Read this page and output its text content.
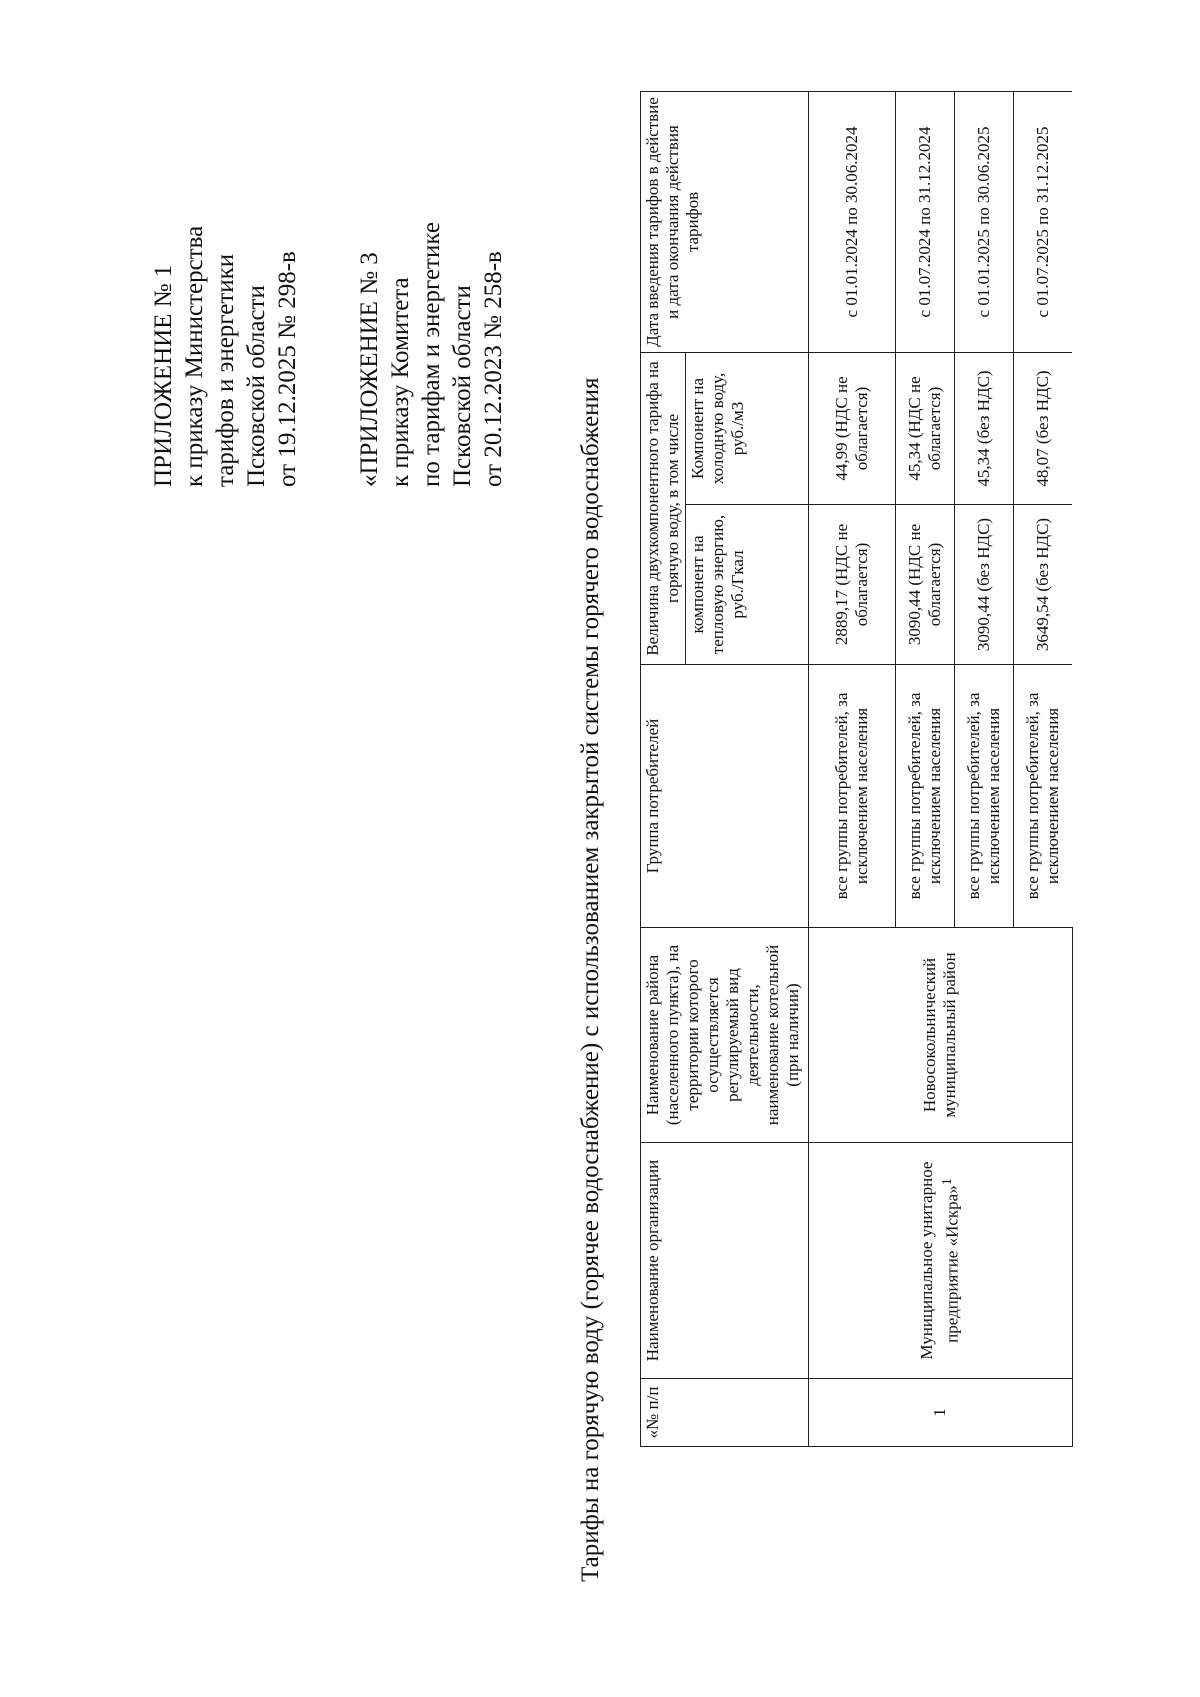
ПРИЛОЖЕНИЕ № 1 к приказу Министерства тарифов и энергетики Псковской области от 19.12.2025 № 298-в «ПРИЛОЖЕНИЕ № 3 к приказу Комитета по тарифам и энергетике Псковской области от 20.12.2023 № 258-в
Тарифы на горячую воду (горячее водоснабжение) с использованием закрытой системы горячего водоснабжения «№ п/п	Наименование организации	Наименование района (населенного пункта), на территории которого осуществляется регулируемый вид деятельности, наименование котельной (при наличии)	Группа потребителей	Величина двухкомпонентного тарифа на горячую воду, в том числе		Дата введения тарифов в действие и дата окончания действия тарифов
				компонент на тепловую энергию, руб./Гкал	Компонент на холодную воду, руб./м3	
1	Муниципальное унитарное предприятие «Искра»$^1$	Новосокольнический муниципальный район	все группы потребителей, за исключением населения	2889,17 (НДС не облагается)	44,99 (НДС не облагается)	с 01.01.2024 по 30.06.2024
			все группы потребителей, за исключением населения	3090,44 (НДС не облагается)	45,34 (НДС не облагается)	с 01.07.2024 по 31.12.2024
			все группы потребителей, за исключением населения	3090,44 (без НДС)	45,34 (без НДС)	с 01.01.2025 по 30.06.2025
			все группы потребителей, за исключением населения	3649,54 (без НДС)	48,07 (без НДС)	с 01.07.2025 по 31.12.2025
